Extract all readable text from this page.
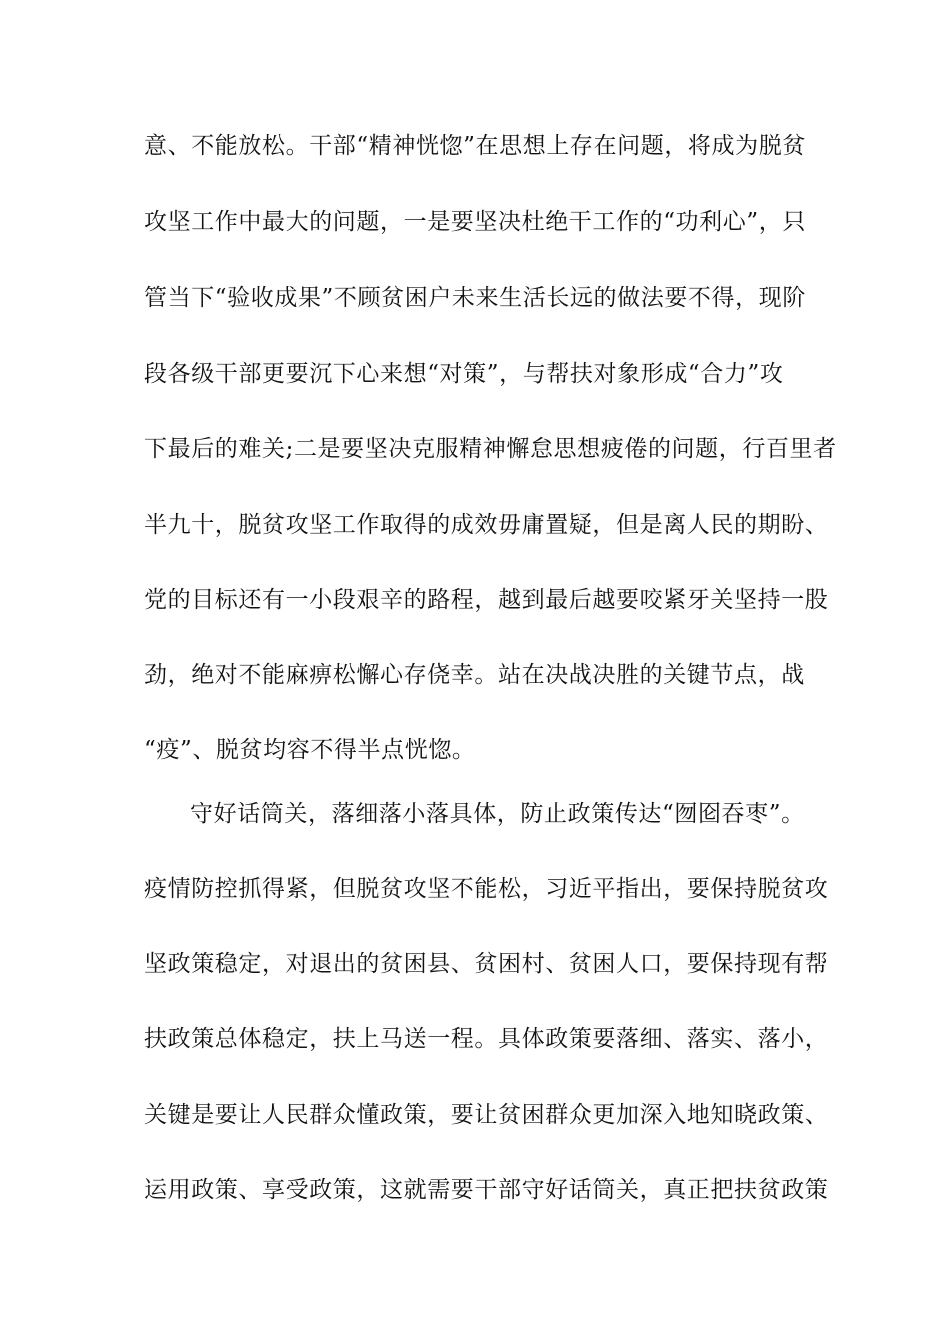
意、不能放松。干部“精神恍惚”在思想上存在问题，将成为脱贫
攻坚工作中最大的问题，一是要坚决杜绝干工作的“功利心”，只
管当下“验收成果”不顾贫困户未来生活长远的做法要不得，现阶
段各级干部更要沉下心来想“对策”，与帮扶对象形成“合力”攻
下最后的难关;二是要坚决克服精神懈怠思想疲倦的问题，行百里者
半九十，脱贫攻坚工作取得的成效毋庸置疑，但是离人民的期盼、
党的目标还有一小段艰辛的路程，越到最后越要咬紧牙关坚持一股
劲，绝对不能麻痹松懈心存侥幸。站在决战决胜的关键节点，战
“疫”、脱贫均容不得半点恍惚。
守好话筒关，落细落小落具体，防止政策传达“囫囵吞枣”。
疫情防控抓得紧，但脱贫攻坚不能松，习近平指出，要保持脱贫攻
坚政策稳定，对退出的贫困县、贫困村、贫困人口，要保持现有帮
扶政策总体稳定，扶上马送一程。具体政策要落细、落实、落小，
关键是要让人民群众懂政策，要让贫困群众更加深入地知晓政策、
运用政策、享受政策，这就需要干部守好话筒关，真正把扶贫政策
